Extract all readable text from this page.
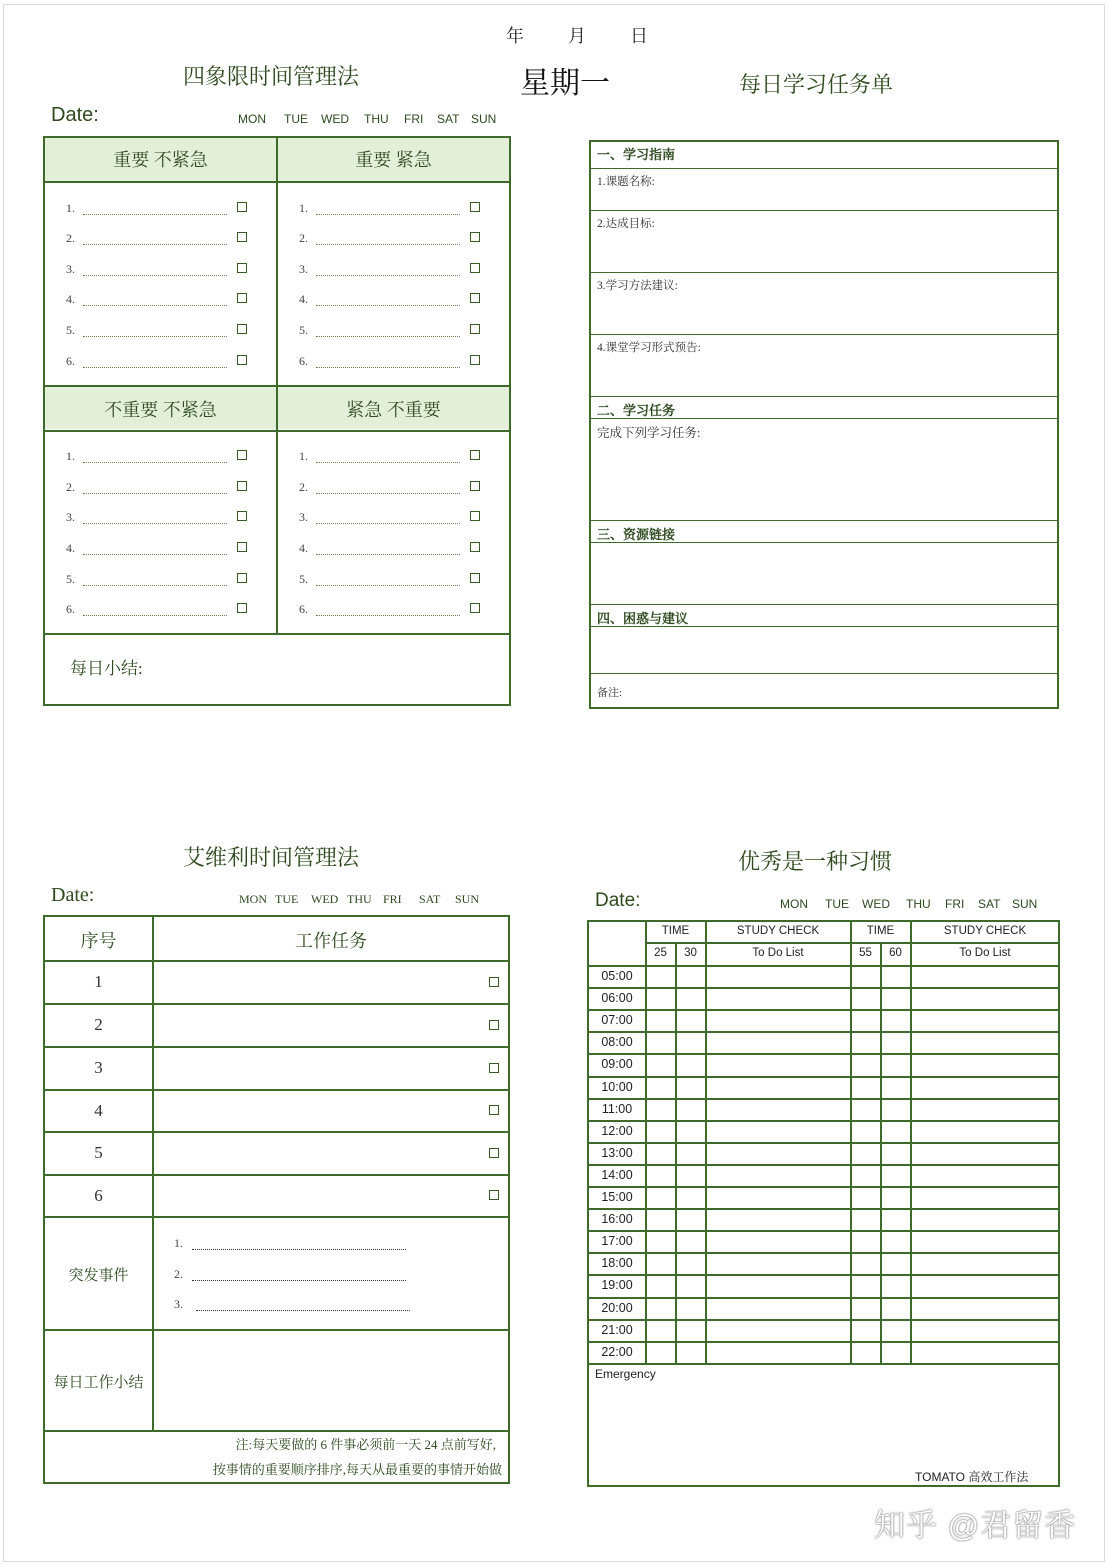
年 月 日
星期一
四象限时间管理法
Date:	MON TUE WED THU FRI SAT SUN
重要 不紧急	重要 紧急
不重要 不紧急	紧急 不重要
1.
2.
3.
4.
5.
6.
1.
2.
3.
4.
5.
6.
1.
2.
3.
4.
5.
6.
1.
2.
3.
4.
5.
6.
每日小结:
每日学习任务单
一、学习指南
1.课题名称:
2.达成目标:
3.学习方法建议:
4.课堂学习形式预告:
二、学习任务
完成下列学习任务:
三、资源链接
四、困惑与建议
备注:
艾维利时间管理法
Date:	MON TUE WED THU FRI SAT SUN
序号	工作任务
1
2
3
4
5
6
突发事件
1.
2.
3.
每日工作小结
注:每天要做的 6 件事必须前一天 24 点前写好,
按事情的重要顺序排序,每天从最重要的事情开始做
优秀是一种习惯
Date:	MON TUE WED THU FRI SAT SUN
TIME	STUDY CHECK	TIME	STUDY CHECK
25	30	To Do List	55	60	To Do List
05:00
06:00
07:00
08:00
09:00
10:00
11:00
12:00
13:00
14:00
15:00
16:00
17:00
18:00
19:00
20:00
21:00
22:00
Emergency
TOMATO 高效工作法
知乎 @君留香
